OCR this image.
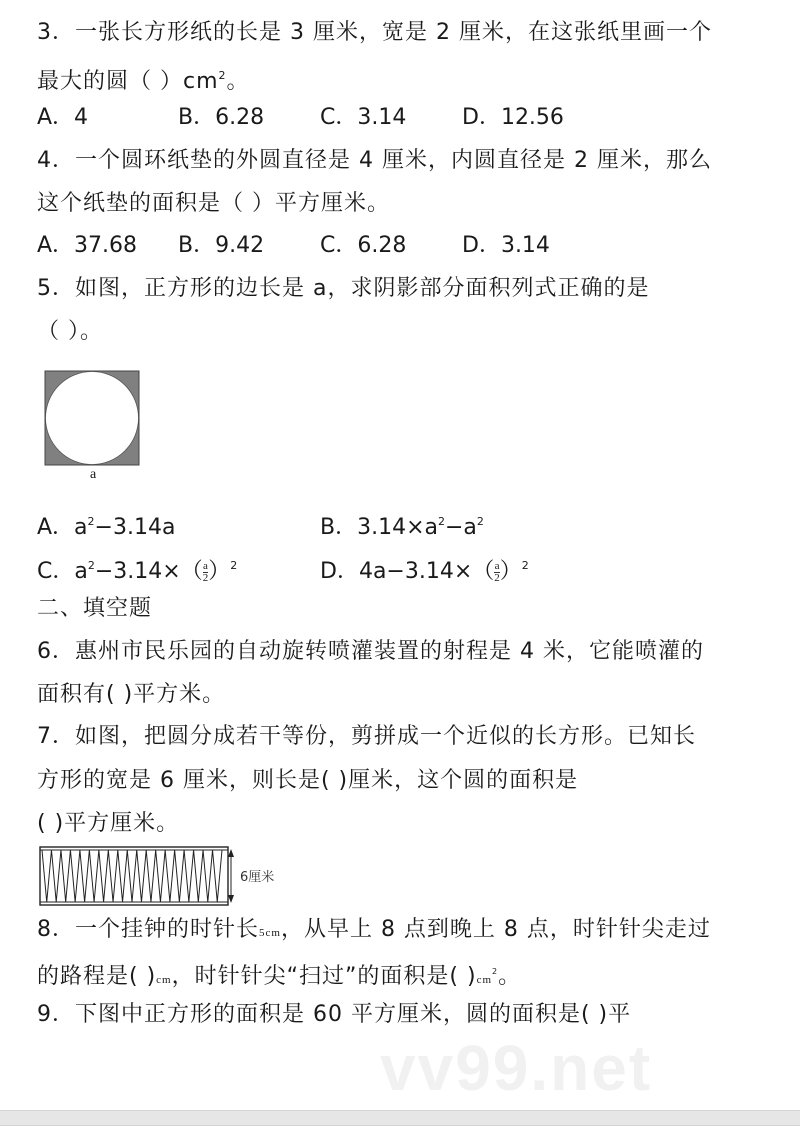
vv99.net
3．一张长方形纸的长是 3 厘米，宽是 2 厘米，在这张纸里画一个
最大的圆（ ）$cm^2$。
A．4	B．6.28	C．3.14	D．12.56
4．一个圆环纸垫的外圆直径是 4 厘米，内圆直径是 2 厘米，那么
这个纸垫的面积是（ ）平方厘米。
A．37.68 B．9.42	C．6.28	D．3.14
5．如图，正方形的边长是 a，求阴影部分面积列式正确的是
（ ）。
a
A．$a^2-3.14a$	B．$3.14\times a^2-a^2$
C．$a^2-3.14\times( \frac{a}{2} )^2$	D．$4a-3.14\times( \frac{a}{2} )^2$
二、填空题
6．惠州市民乐园的自动旋转喷灌装置的射程是 4 米，它能喷灌的
面积有( )平方米。
7．如图，把圆分成若干等份，剪拼成一个近似的长方形。已知长
方形的宽是 6 厘米，则长是( )厘米，这个圆的面积是
( )平方厘米。
6厘米
8．一个挂钟的时针长5cm，从早上 8 点到晚上 8 点，时针针尖走过
的路程是( )cm，时针针尖“扫过”的面积是( )$cm^2$。
9．下图中正方形的面积是 60 平方厘米，圆的面积是( )平
